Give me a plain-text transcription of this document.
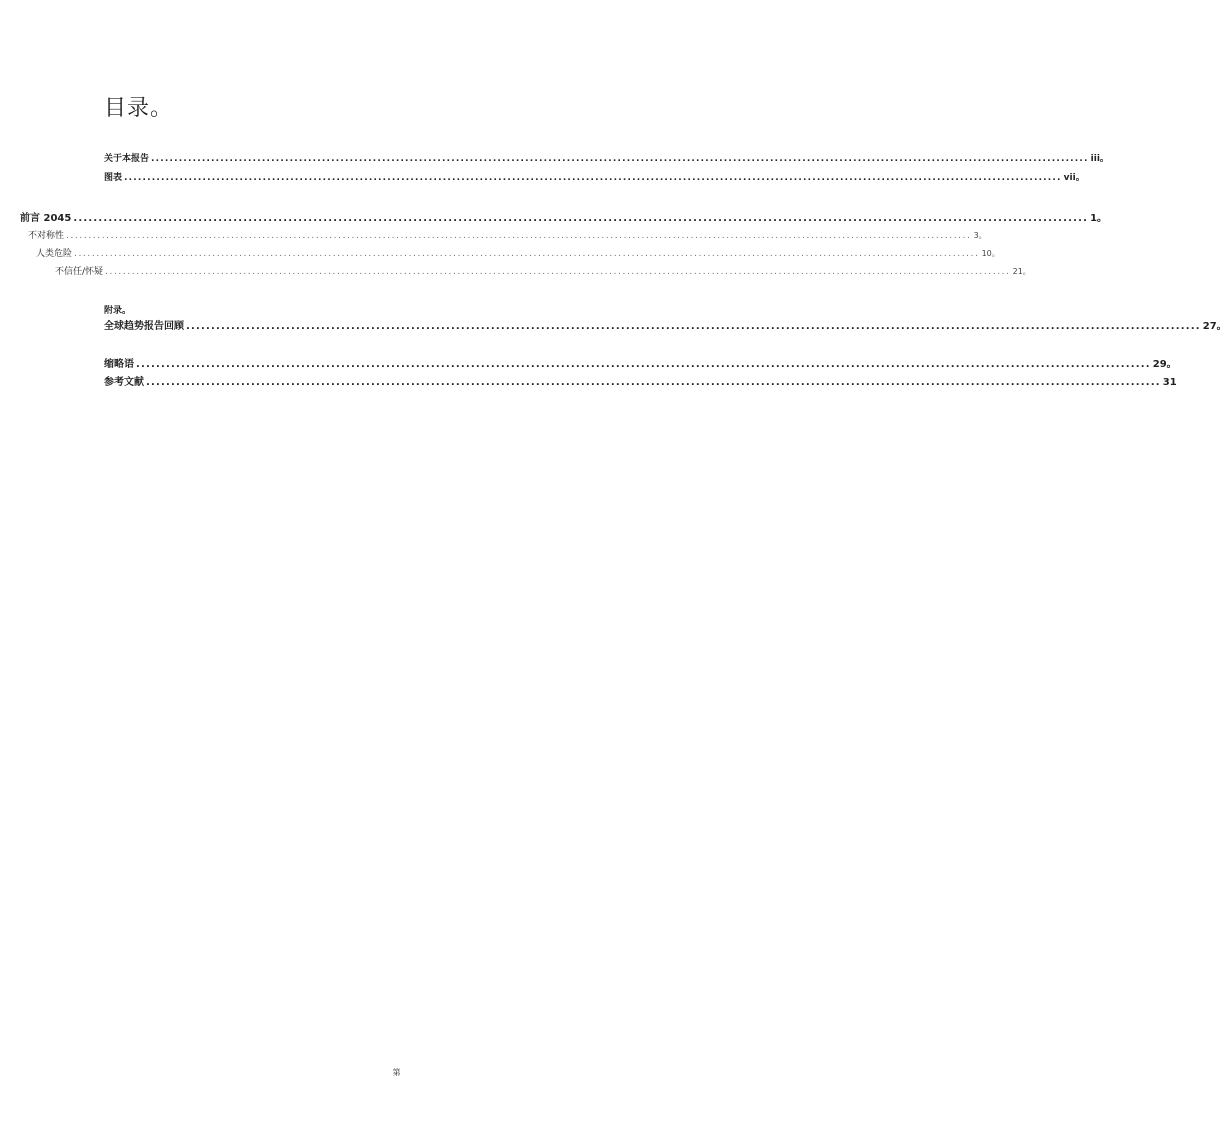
目录。
关于本报告 ........................................................................................................................................................................................................... iii。
图表 ........................................................................................................................................................................................................... vii。
前言 2045 ........................................................................................................................................................................................................... 1。
不对称性 ........................................................................................................................................................................................................... 3。
人类危险 ........................................................................................................................................................................................................... 10。
不信任/怀疑 ........................................................................................................................................................................................................... 21。
附录。
全球趋势报告回顾 ........................................................................................................................................................................................................... 27。
缩略语 ........................................................................................................................................................................................................... 29。
参考文献 ........................................................................................................................................................................................................... 31
第
